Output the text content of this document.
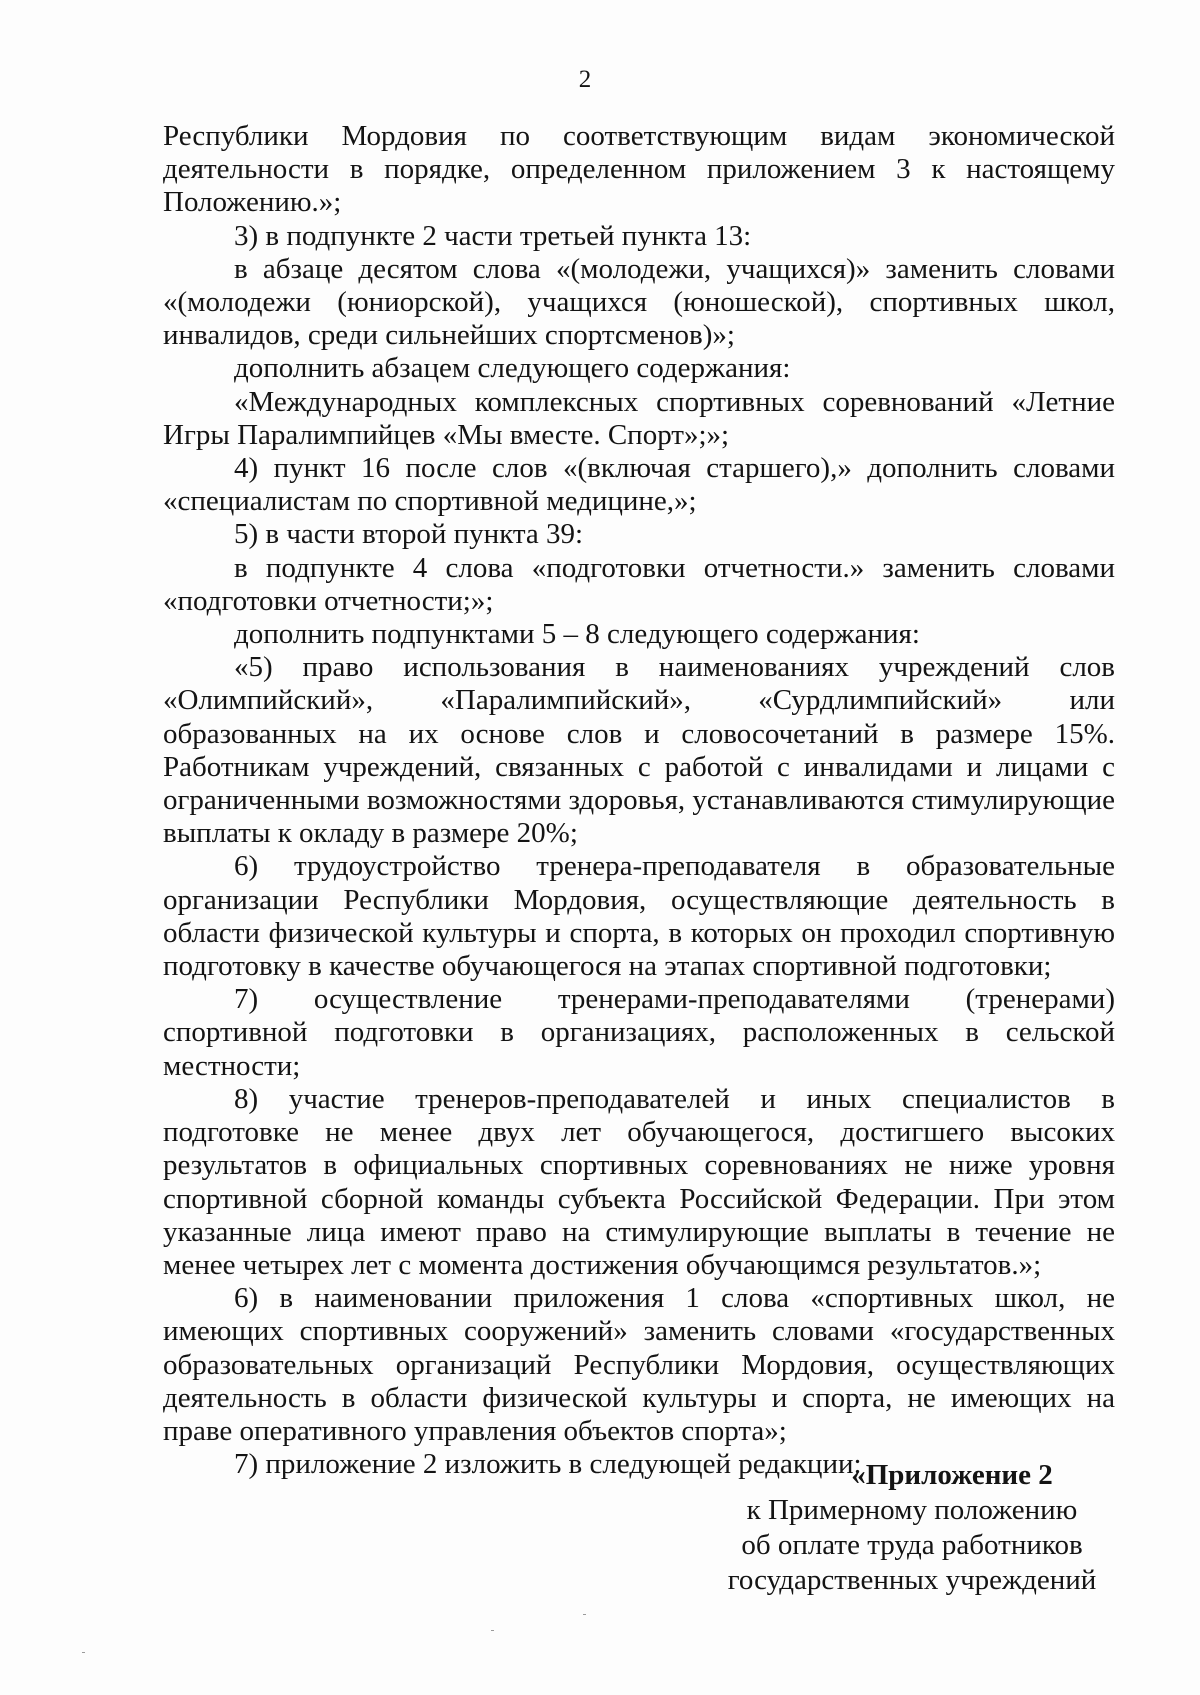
2

Республики Мордовия по соответствующим видам экономической деятельности в порядке, определенном приложением 3 к настоящему Положению.»;

3) в подпункте 2 части третьей пункта 13:

в абзаце десятом слова «(молодежи, учащихся)» заменить словами «(молодежи (юниорской), учащихся (юношеской), спортивных школ, инвалидов, среди сильнейших спортсменов)»;

дополнить абзацем следующего содержания:

«Международных комплексных спортивных соревнований «Летние Игры Паралимпийцев «Мы вместе. Спорт»;»;

4) пункт 16 после слов «(включая старшего),» дополнить словами «специалистам по спортивной медицине,»;

5) в части второй пункта 39:

в подпункте 4 слова «подготовки отчетности.» заменить словами «подготовки отчетности;»;

дополнить подпунктами 5 – 8 следующего содержания:

«5) право использования в наименованиях учреждений слов «Олимпийский», «Паралимпийский», «Сурдлимпийский» или образованных на их основе слов и словосочетаний в размере 15%. Работникам учреждений, связанных с работой с инвалидами и лицами с ограниченными возможностями здоровья, устанавливаются стимулирующие выплаты к окладу в размере 20%;

6) трудоустройство тренера-преподавателя в образовательные организации Республики Мордовия, осуществляющие деятельность в области физической культуры и спорта, в которых он проходил спортивную подготовку в качестве обучающегося на этапах спортивной подготовки;

7) осуществление тренерами-преподавателями (тренерами) спортивной подготовки в организациях, расположенных в сельской местности;

8) участие тренеров-преподавателей и иных специалистов в подготовке не менее двух лет обучающегося, достигшего высоких результатов в официальных спортивных соревнованиях не ниже уровня спортивной сборной команды субъекта Российской Федерации. При этом указанные лица имеют право на стимулирующие выплаты в течение не менее четырех лет с момента достижения обучающимся результатов.»;

6) в наименовании приложения 1 слова «спортивных школ, не имеющих спортивных сооружений» заменить словами «государственных образовательных организаций Республики Мордовия, осуществляющих деятельность в области физической культуры и спорта, не имеющих на праве оперативного управления объектов спорта»;

7) приложение 2 изложить в следующей редакции:

«Приложение 2
к Примерному положению
об оплате труда работников
государственных учреждений
